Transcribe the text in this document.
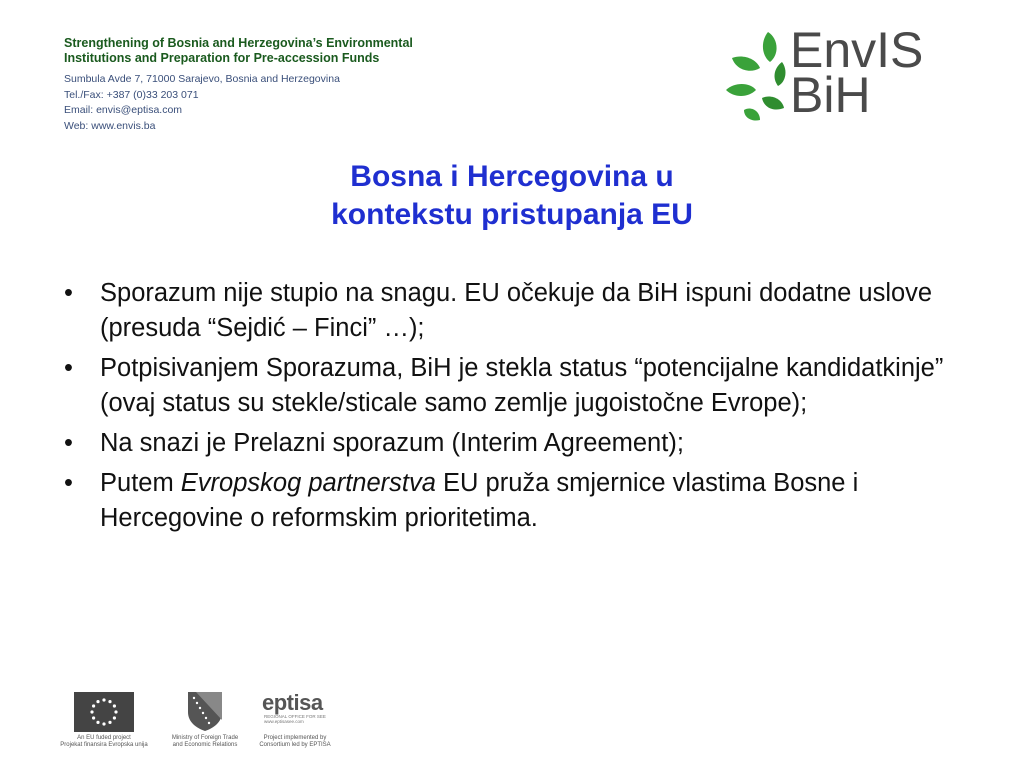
Strengthening of Bosnia and Herzegovina’s Environmental
Institutions and Preparation for Pre-accession Funds
Sumbula Avde 7, 71000 Sarajevo, Bosnia and Herzegovina
Tel./Fax: +387 (0)33 203 071
Email: envis@eptisa.com
Web: www.envis.ba
EnvIS
BiH
Bosna i Hercegovina u
kontekstu pristupanja EU
• Sporazum nije stupio na snagu. EU očekuje da BiH ispuni dodatne uslove (presuda “Sejdić – Finci” …);
• Potpisivanjem Sporazuma, BiH je stekla status “potencijalne kandidatkinje” (ovaj status su stekle/sticale samo zemlje jugoistočne Evrope);
• Na snazi je Prelazni sporazum (Interim Agreement);
• Putem Evropskog partnerstva EU pruža smjernice vlastima Bosne i Hercegovine o reformskim prioritetima.
An EU fuded project
Projekat finansira Evropska unija
Ministry of Foreign Trade
and Economic Relations
eptisa
REGIONAL OFFICE FOR SEE
www.eptisasee.com
Project implemented by
Consortium led by EPTISA
